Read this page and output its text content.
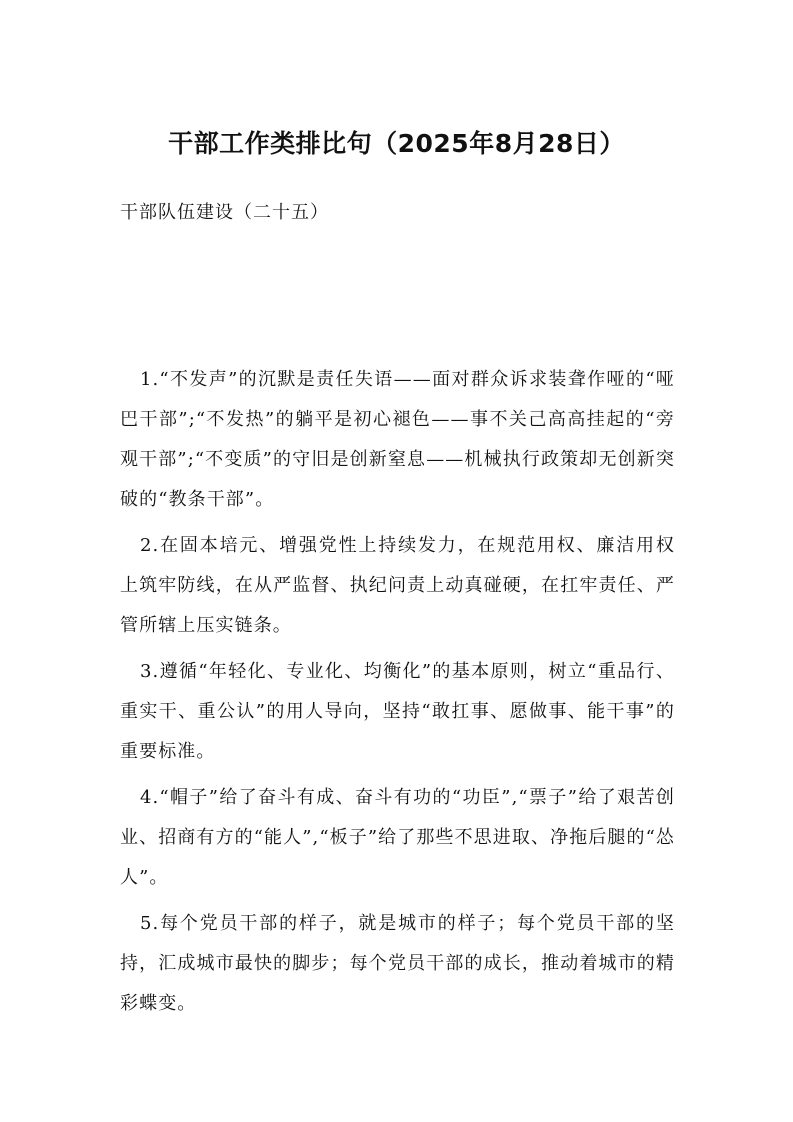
干部工作类排比句（2025年8月28日）

干部队伍建设（二十五）

1.“不发声”的沉默是责任失语——面对群众诉求装聋作哑的“哑巴干部”;“不发热”的躺平是初心褪色——事不关己高高挂起的“旁观干部”;“不变质”的守旧是创新窒息——机械执行政策却无创新突破的“教条干部”。

2.在固本培元、增强党性上持续发力，在规范用权、廉洁用权上筑牢防线，在从严监督、执纪问责上动真碰硬，在扛牢责任、严管所辖上压实链条。

3.遵循“年轻化、专业化、均衡化”的基本原则，树立“重品行、重实干、重公认”的用人导向，坚持“敢扛事、愿做事、能干事”的重要标准。

4.“帽子”给了奋斗有成、奋斗有功的“功臣”,“票子”给了艰苦创业、招商有方的“能人”,“板子”给了那些不思进取、净拖后腿的“怂人”。

5.每个党员干部的样子，就是城市的样子；每个党员干部的坚持，汇成城市最快的脚步；每个党员干部的成长，推动着城市的精彩蝶变。
